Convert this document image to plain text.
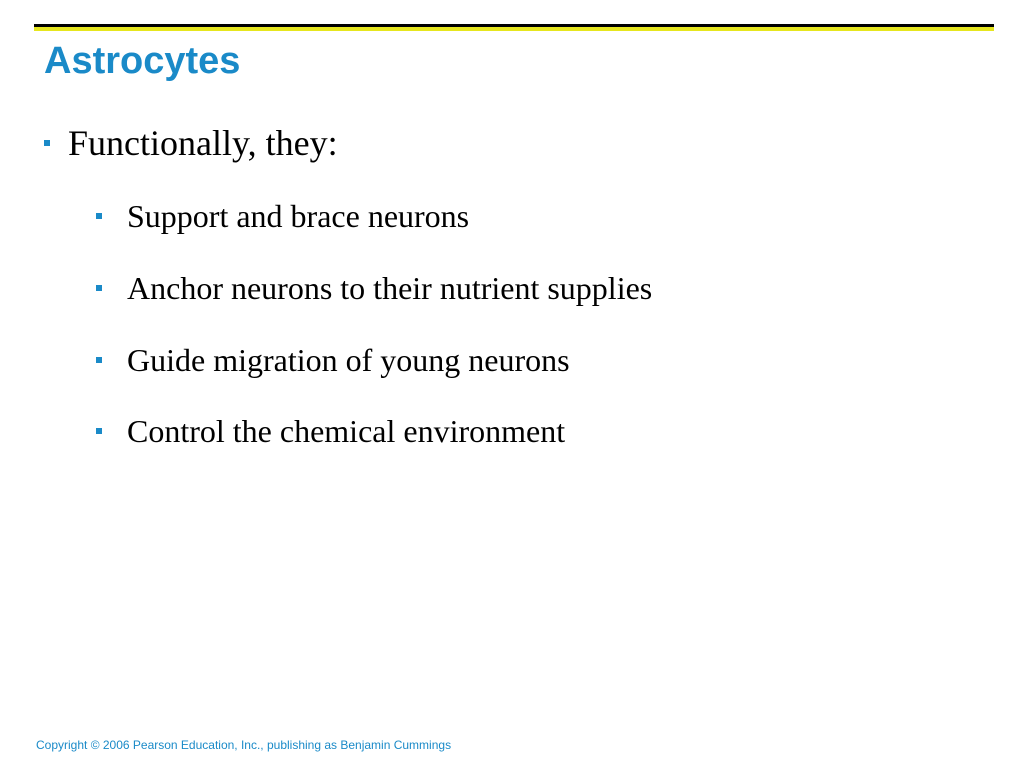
Astrocytes
Functionally, they:
Support and brace neurons
Anchor neurons to their nutrient supplies
Guide migration of young neurons
Control the chemical environment
Copyright © 2006 Pearson Education, Inc., publishing as Benjamin Cummings
